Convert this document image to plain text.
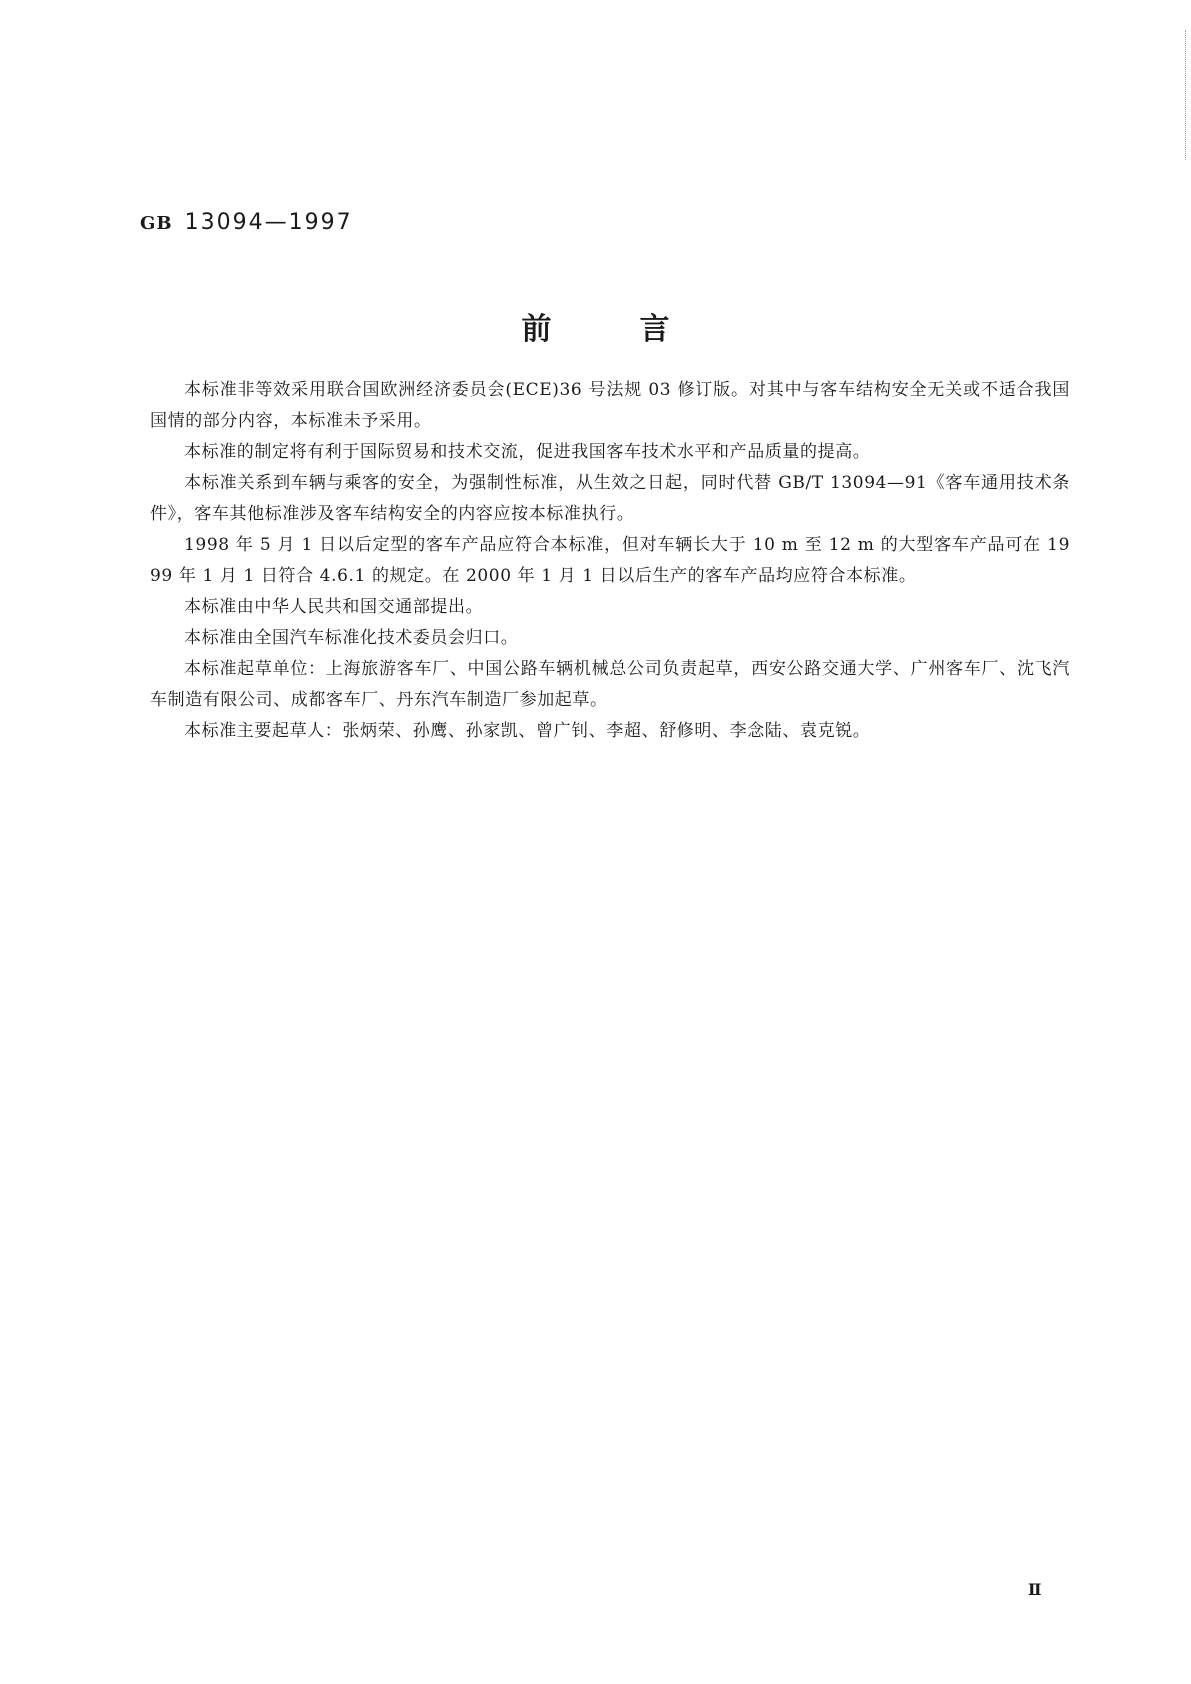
GB 13094—1997
前言

本标准非等效采用联合国欧洲经济委员会(ECE)36 号法规 03 修订版。对其中与客车结构安全无关或不适合我国国情的部分内容，本标准未予采用。

本标准的制定将有利于国际贸易和技术交流，促进我国客车技术水平和产品质量的提高。

本标准关系到车辆与乘客的安全，为强制性标准，从生效之日起，同时代替 GB/T 13094—91《客车通用技术条件》，客车其他标准涉及客车结构安全的内容应按本标准执行。

1998 年 5 月 1 日以后定型的客车产品应符合本标准，但对车辆长大于 10 m 至 12 m 的大型客车产品可在 1999 年 1 月 1 日符合 4.6.1 的规定。在 2000 年 1 月 1 日以后生产的客车产品均应符合本标准。

本标准由中华人民共和国交通部提出。

本标准由全国汽车标准化技术委员会归口。

本标准起草单位：上海旅游客车厂、中国公路车辆机械总公司负责起草，西安公路交通大学、广州客车厂、沈飞汽车制造有限公司、成都客车厂、丹东汽车制造厂参加起草。

本标准主要起草人：张炳荣、孙鹰、孙家凯、曾广钊、李超、舒修明、李念陆、袁克锐。

Ⅱ
